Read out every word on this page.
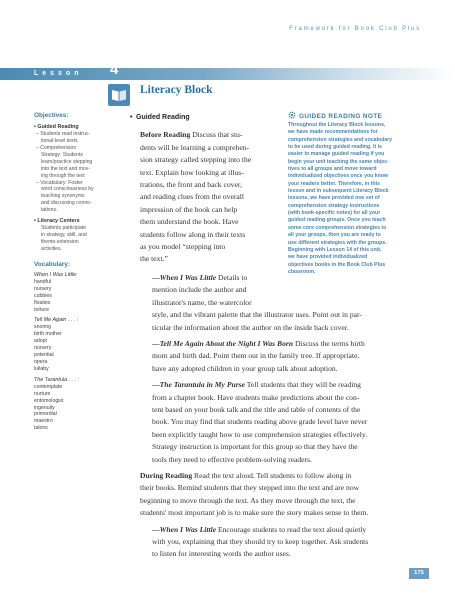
Framework for Book Club Plus
Lesson 4
Literacy Block
Objectives:
• Guided Reading
– Students read instruc-
tional-level texts.
– Comprehension
Strategy: Students
learn/practice stepping
into the text and mov-
ing through the text
– Vocabulary: Foster
word consciousness by
teaching synonyms
and discussing conno-
tations.
• Literacy Centers
Students participate
in strategy, skill, and
theme-extension
activities.
Vocabulary:
When I Was Little:
handful
nursery
cubbies
floaties
torture
Tell Me Again . . . :
snoring
birth mother
adopt
nursery
potential
opera
lullaby
The Tarantula . . . :
contemplate
nurture
entomologist
ingenuity
primordial
maestro
talons
GUIDED READING NOTE
Throughout the Literacy Block lessons,
we have made recommendations for
comprehension strategies and vocabulary
to be used during guided reading. It is
easier to manage guided reading if you
begin your unit teaching the same objec-
tives to all groups and move toward
individualized objectives once you know
your readers better. Therefore, in this
lesson and in subsequent Literacy Block
lessons, we have provided one set of
comprehension strategy instructions
(with book-specific notes) for all your
guided reading groups. Once you teach
some core comprehension strategies to
all your groups, then you are ready to
use different strategies with the groups.
Beginning with Lesson 14 of this unit,
we have provided individualized
objectives books in the Book Club Plus
classroom.
• Guided Reading
Before Reading Discuss that stu-
dents will be learning a comprehen-
sion strategy called stepping into the
text. Explain how looking at illus-
trations, the front and back cover,
and reading clues from the overall
impression of the book can help
them understand the book. Have
students follow along in their texts
as you model “stepping into
the text.”
—When I Was Little Details to
mention include the author and
illustrator's name, the watercolor
style, and the vibrant palette that the illustrator uses. Point out in par-
ticular the information about the author on the inside back cover.
—Tell Me Again About the Night I Was Born Discuss the terms birth
mom and birth dad. Point them out in the family tree. If appropriate,
have any adopted children in your group talk about adoption.
—The Tarantula in My Purse Tell students that they will be reading
from a chapter book. Have students make predictions about the con-
tent based on your book talk and the title and table of contents of the
book. You may find that students reading above grade level have never
been explicitly taught how to use comprehension strategies effectively.
Strategy instruction is important for this group so that they have the
tools they need to effective problem-solving readers.
During Reading Read the text aloud. Tell students to follow along in
their books. Remind students that they stepped into the text and are now
beginning to move through the text. As they move through the text, the
students' most important job is to make sure the story makes sense to them.
—When I Was Little Encourage students to read the text aloud quietly
with you, explaining that they should try to keep together. Ask students
to listen for interesting words the author uses.
175
